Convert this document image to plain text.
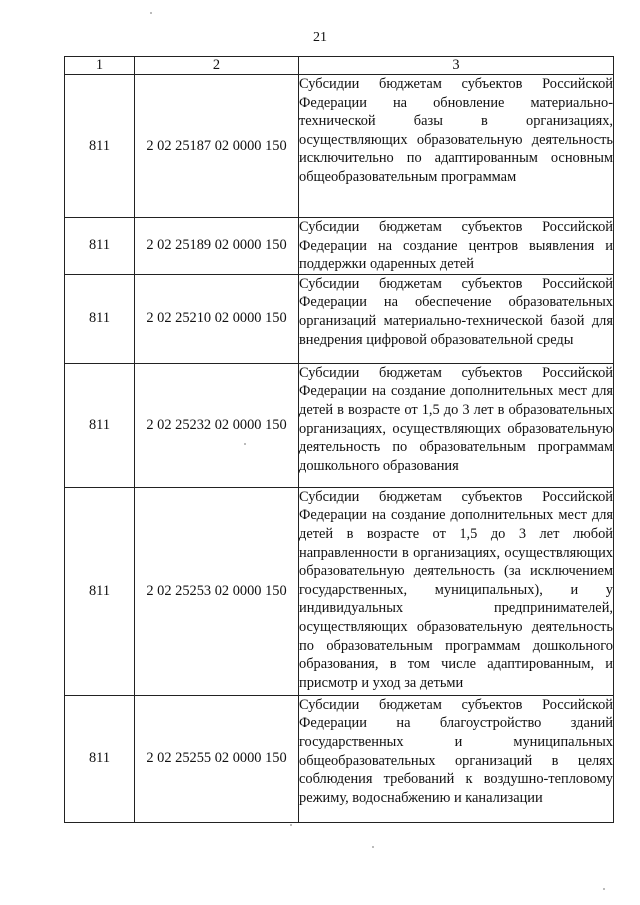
21
1	2	3
811	2 02 25187 02 0000 150	Субсидии бюджетам субъектов Российской Федерации на обновление материально-технической базы в организациях, осуществляющих образовательную деятельность исключительно по адаптированным основным общеобразовательным программам
811	2 02 25189 02 0000 150	Субсидии бюджетам субъектов Российской Федерации на создание центров выявления и поддержки одаренных детей
811	2 02 25210 02 0000 150	Субсидии бюджетам субъектов Российской Федерации на обеспечение образовательных организаций материально-технической базой для внедрения цифровой образовательной среды
811	2 02 25232 02 0000 150	Субсидии бюджетам субъектов Российской Федерации на создание дополнительных мест для детей в возрасте от 1,5 до 3 лет в образовательных организациях, осуществляющих образовательную деятельность по образовательным программам дошкольного образования
811	2 02 25253 02 0000 150	Субсидии бюджетам субъектов Российской Федерации на создание дополнительных мест для детей в возрасте от 1,5 до 3 лет любой направленности в организациях, осуществляющих образовательную деятельность (за исключением государственных, муниципальных), и у индивидуальных предпринимателей, осуществляющих образовательную деятельность по образовательным программам дошкольного образования, в том числе адаптированным, и присмотр и уход за детьми
811	2 02 25255 02 0000 150	Субсидии бюджетам субъектов Российской Федерации на благоустройство зданий государственных и муниципальных общеобразовательных организаций в целях соблюдения требований к воздушно-тепловому режиму, водоснабжению и канализации
